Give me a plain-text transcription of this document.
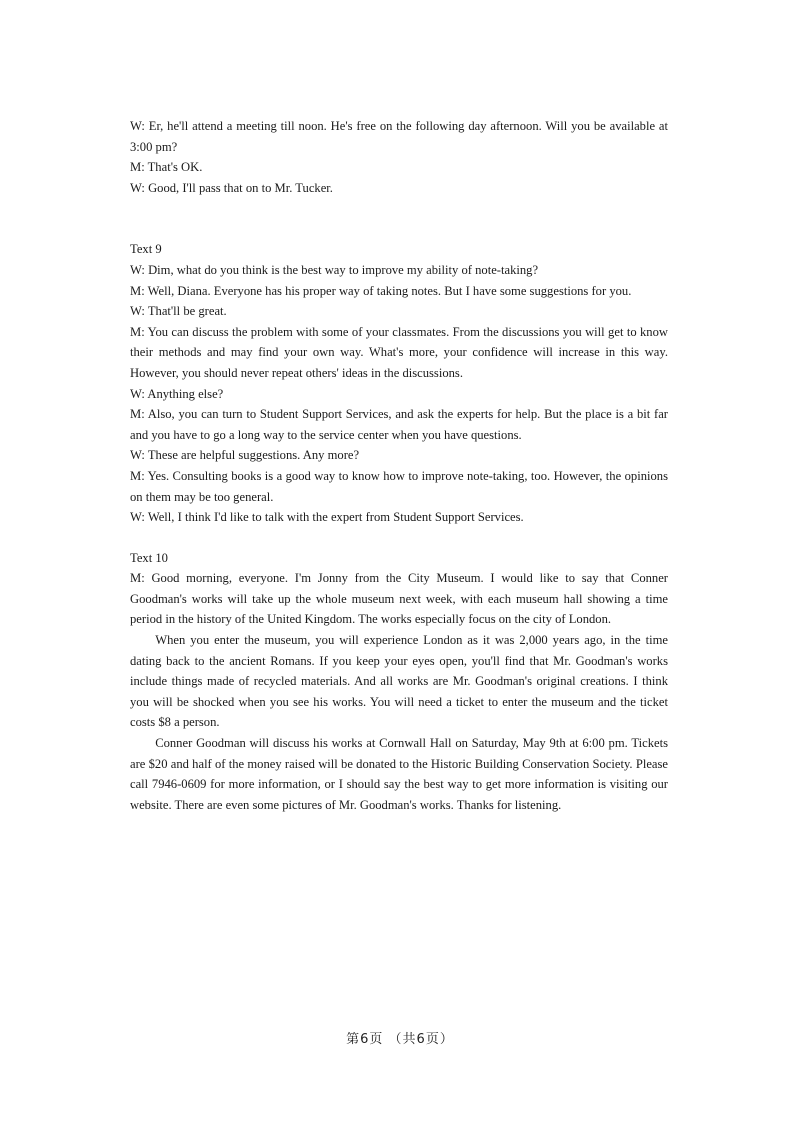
W: Er, he'll attend a meeting till noon. He's free on the following day afternoon. Will you be available at 3:00 pm?

M: That's OK.

W: Good, I'll pass that on to Mr. Tucker.

Text 9

W: Dim, what do you think is the best way to improve my ability of note-taking?

M: Well, Diana. Everyone has his proper way of taking notes. But I have some suggestions for you.

W: That'll be great.

M: You can discuss the problem with some of your classmates. From the discussions you will get to know their methods and may find your own way. What's more, your confidence will increase in this way. However, you should never repeat others' ideas in the discussions.

W: Anything else?

M: Also, you can turn to Student Support Services, and ask the experts for help. But the place is a bit far and you have to go a long way to the service center when you have questions.

W: These are helpful suggestions. Any more?

M: Yes. Consulting books is a good way to know how to improve note-taking, too. However, the opinions on them may be too general.

W: Well, I think I'd like to talk with the expert from Student Support Services.

Text 10

M: Good morning, everyone. I'm Jonny from the City Museum. I would like to say that Conner Goodman's works will take up the whole museum next week, with each museum hall showing a time period in the history of the United Kingdom. The works especially focus on the city of London.

When you enter the museum, you will experience London as it was 2,000 years ago, in the time dating back to the ancient Romans. If you keep your eyes open, you'll find that Mr. Goodman's works include things made of recycled materials. And all works are Mr. Goodman's original creations. I think you will be shocked when you see his works. You will need a ticket to enter the museum and the ticket costs $8 a person.

Conner Goodman will discuss his works at Cornwall Hall on Saturday, May 9th at 6:00 pm. Tickets are $20 and half of the money raised will be donated to the Historic Building Conservation Society. Please call 7946-0609 for more information, or I should say the best way to get more information is visiting our website. There are even some pictures of Mr. Goodman's works. Thanks for listening.

第6页 （共6页）
